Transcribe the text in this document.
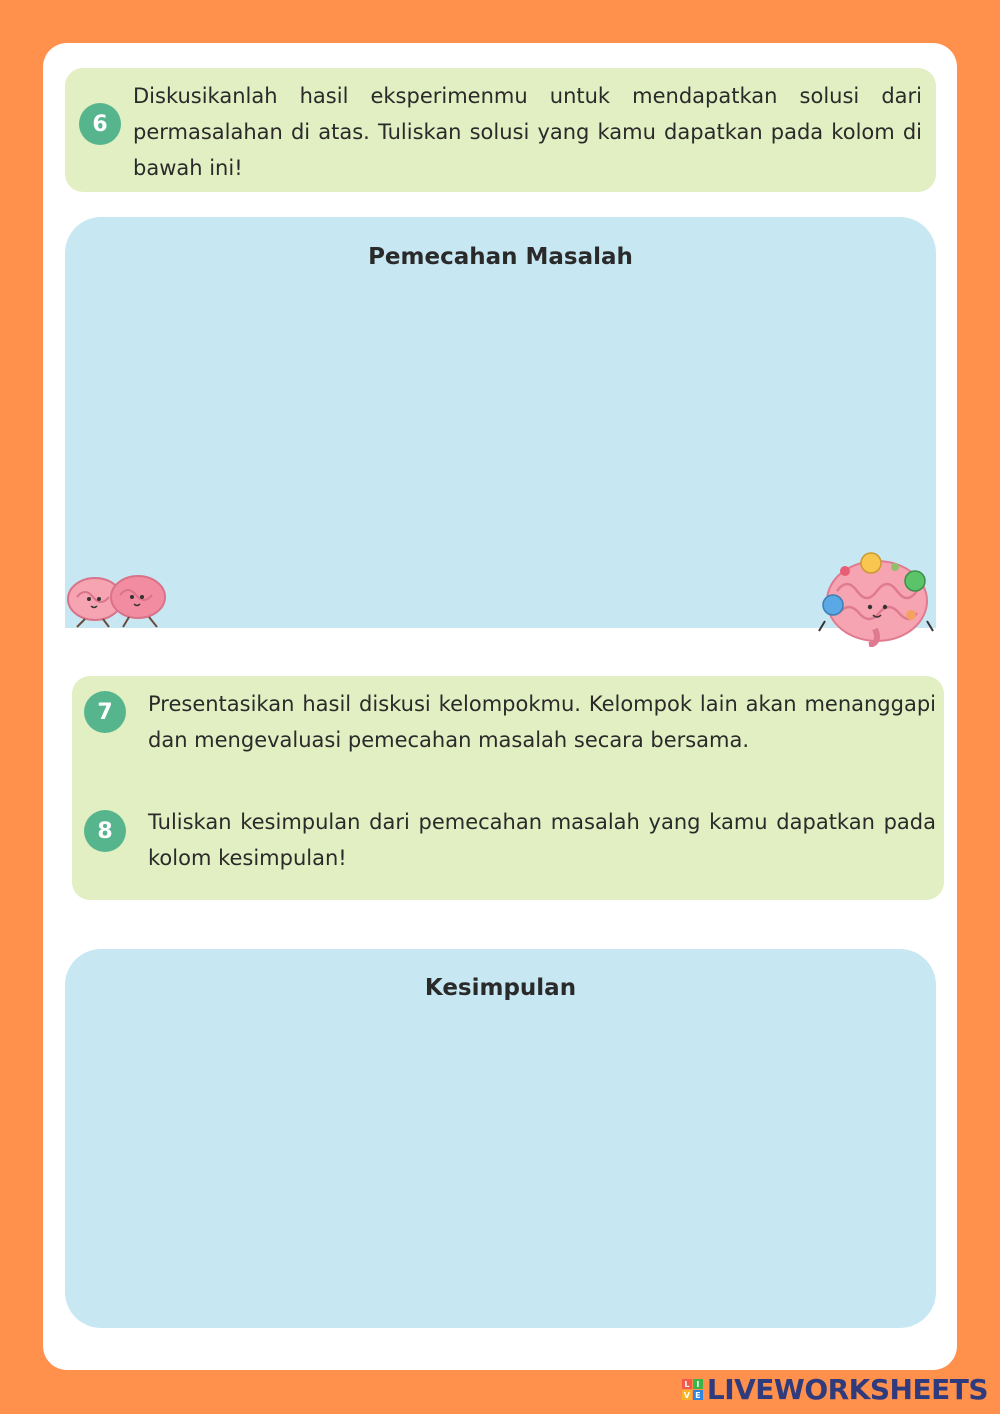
6
Diskusikanlah hasil eksperimenmu untuk mendapatkan solusi dari permasalahan di atas. Tuliskan solusi yang kamu dapatkan pada kolom di bawah ini!
Pemecahan Masalah
7	Presentasikan hasil diskusi kelompokmu. Kelompok lain akan menanggapi dan mengevaluasi pemecahan masalah secara bersama.
8	Tuliskan kesimpulan dari pemecahan masalah yang kamu dapatkan pada kolom kesimpulan!
Kesimpulan
L I
V E LIVEWORKSHEETS
